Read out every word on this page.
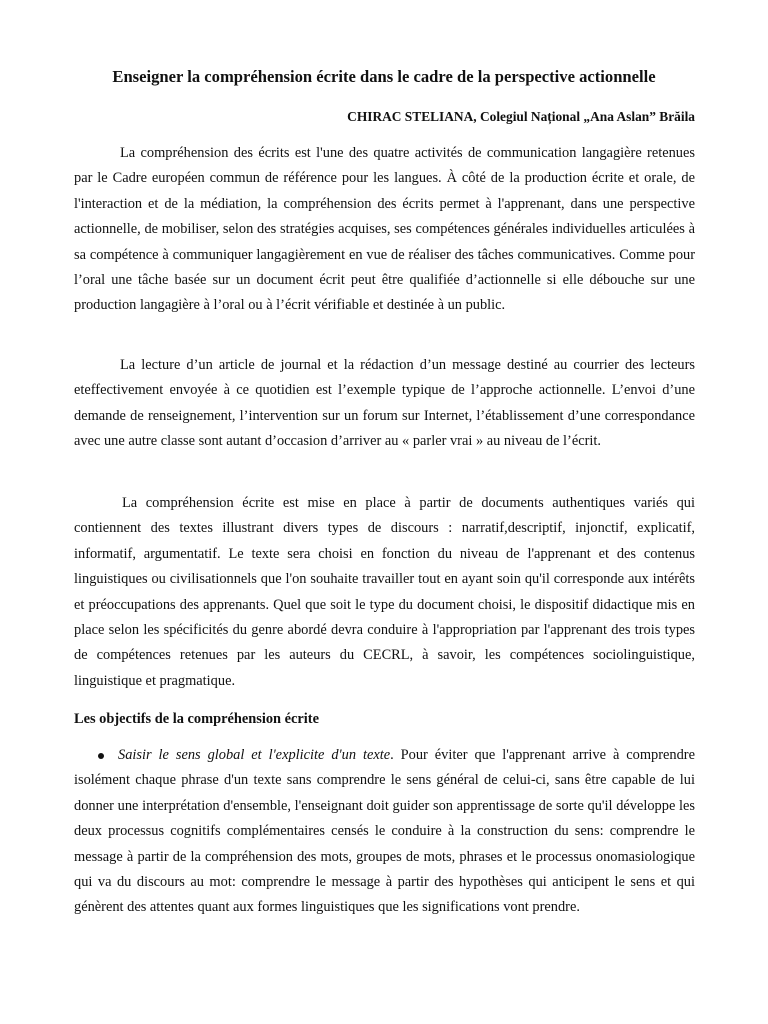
Enseigner la compréhension écrite dans le cadre de la perspective actionnelle

CHIRAC STELIANA, Colegiul Național „Ana Aslan” Brăila

La compréhension des écrits est l'une des quatre activités de communication langagière retenues par le Cadre européen commun de référence pour les langues. À côté de la production écrite et orale, de l'interaction et de la médiation, la compréhension des écrits permet à l'apprenant, dans une perspective actionnelle, de mobiliser, selon des stratégies acquises, ses compétences générales individuelles articulées à sa compétence à communiquer langagièrement en vue de réaliser des tâches communicatives. Comme pour l’oral une tâche basée sur un document écrit peut être qualifiée d’actionnelle si elle débouche sur une production langagière à l’oral ou à l’écrit vérifiable et destinée à un public.

La lecture d’un article de journal et la rédaction d’un message destiné au courrier des lecteurs eteffectivement envoyée à ce quotidien est l’exemple typique de l’approche actionnelle. L’envoi d’une demande de renseignement, l’intervention sur un forum sur Internet, l’établissement d’une correspondance avec une autre classe sont autant d’occasion d’arriver au « parler vrai » au niveau de l’écrit.

La compréhension écrite est mise en place à partir de documents authentiques variés qui contiennent des textes illustrant divers types de discours : narratif,descriptif, injonctif, explicatif, informatif, argumentatif. Le texte sera choisi en fonction du niveau de l'apprenant et des contenus linguistiques ou civilisationnels que l'on souhaite travailler tout en ayant soin qu'il corresponde aux intérêts et préoccupations des apprenants. Quel que soit le type du document choisi, le dispositif didactique mis en place selon les spécificités du genre abordé devra conduire à l'appropriation par l'apprenant des trois types de compétences retenues par les auteurs du CECRL, à savoir, les compétences sociolinguistique, linguistique et pragmatique.

Les objectifs de la compréhension écrite
Saisir le sens global et l'explicite d'un texte. Pour éviter que l'apprenant arrive à comprendre isolément chaque phrase d'un texte sans comprendre le sens général de celui-ci, sans être capable de lui donner une interprétation d'ensemble, l'enseignant doit guider son apprentissage de sorte qu'il développe les deux processus cognitifs complémentaires censés le conduire à la construction du sens: comprendre le message à partir de la compréhension des mots, groupes de mots, phrases et le processus onomasiologique qui va du discours au mot: comprendre le message à partir des hypothèses qui anticipent le sens et qui génèrent des attentes quant aux formes linguistiques que les significations vont prendre.
